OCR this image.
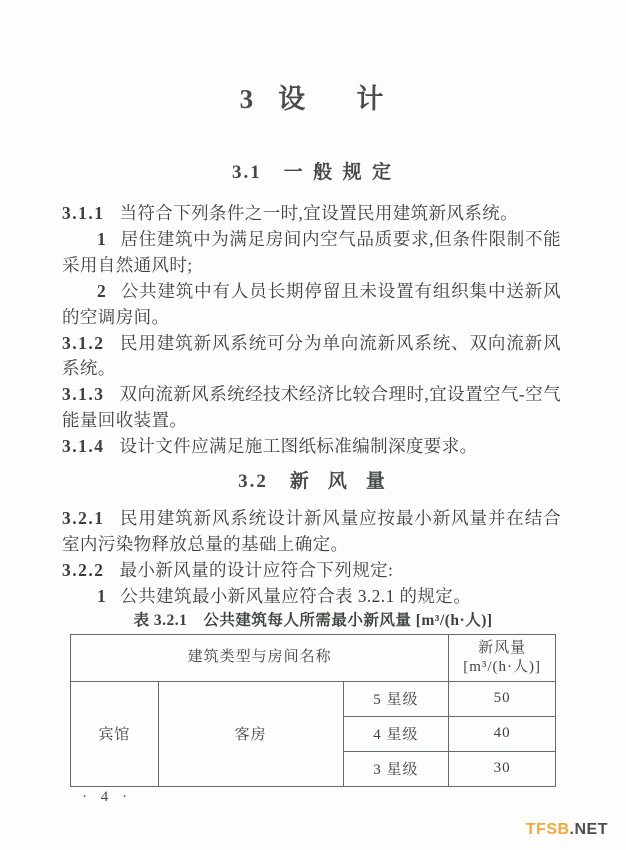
3 设计
3.1 一般规定

3.1.1 当符合下列条件之一时,宜设置民用建筑新风系统。

1 居住建筑中为满足房间内空气品质要求,但条件限制不能采用自然通风时;

2 公共建筑中有人员长期停留且未设置有组织集中送新风的空调房间。

3.1.2 民用建筑新风系统可分为单向流新风系统、双向流新风系统。

3.1.3 双向流新风系统经技术经济比较合理时,宜设置空气-空气能量回收装置。

3.1.4 设计文件应满足施工图纸标准编制深度要求。

3.2 新风量

3.2.1 民用建筑新风系统设计新风量应按最小新风量并在结合室内污染物释放总量的基础上确定。

3.2.2 最小新风量的设计应符合下列规定:

1 公共建筑最小新风量应符合表 3.2.1 的规定。

表 3.2.1　公共建筑每人所需最小新风量 [m³/(h·人)]
建筑类型与房间名称			新风量
[m³/(h·人)]

宾馆	客房	5 星级	50
		4 星级	40
		3 星级	30
· 4 ·
TFSB.NET
